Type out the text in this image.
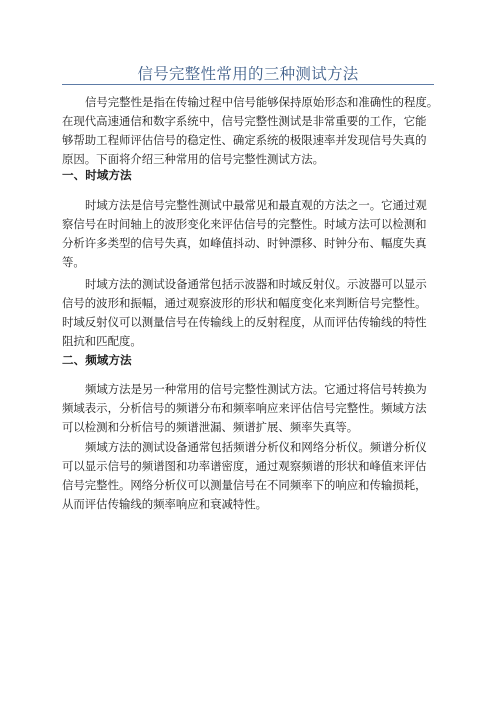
信号完整性常用的三种测试方法

信号完整性是指在传输过程中信号能够保持原始形态和准确性的程度。
在现代高速通信和数字系统中，信号完整性测试是非常重要的工作，它能
够帮助工程师评估信号的稳定性、确定系统的极限速率并发现信号失真的
原因。下面将介绍三种常用的信号完整性测试方法。

一、时域方法

时域方法是信号完整性测试中最常见和最直观的方法之一。它通过观
察信号在时间轴上的波形变化来评估信号的完整性。时域方法可以检测和
分析许多类型的信号失真，如峰值抖动、时钟漂移、时钟分布、幅度失真
等。

时域方法的测试设备通常包括示波器和时域反射仪。示波器可以显示
信号的波形和振幅，通过观察波形的形状和幅度变化来判断信号完整性。
时域反射仪可以测量信号在传输线上的反射程度，从而评估传输线的特性
阻抗和匹配度。

二、频域方法

频域方法是另一种常用的信号完整性测试方法。它通过将信号转换为
频域表示，分析信号的频谱分布和频率响应来评估信号完整性。频域方法
可以检测和分析信号的频谱泄漏、频谱扩展、频率失真等。

频域方法的测试设备通常包括频谱分析仪和网络分析仪。频谱分析仪
可以显示信号的频谱图和功率谱密度，通过观察频谱的形状和峰值来评估
信号完整性。网络分析仪可以测量信号在不同频率下的响应和传输损耗，
从而评估传输线的频率响应和衰减特性。
